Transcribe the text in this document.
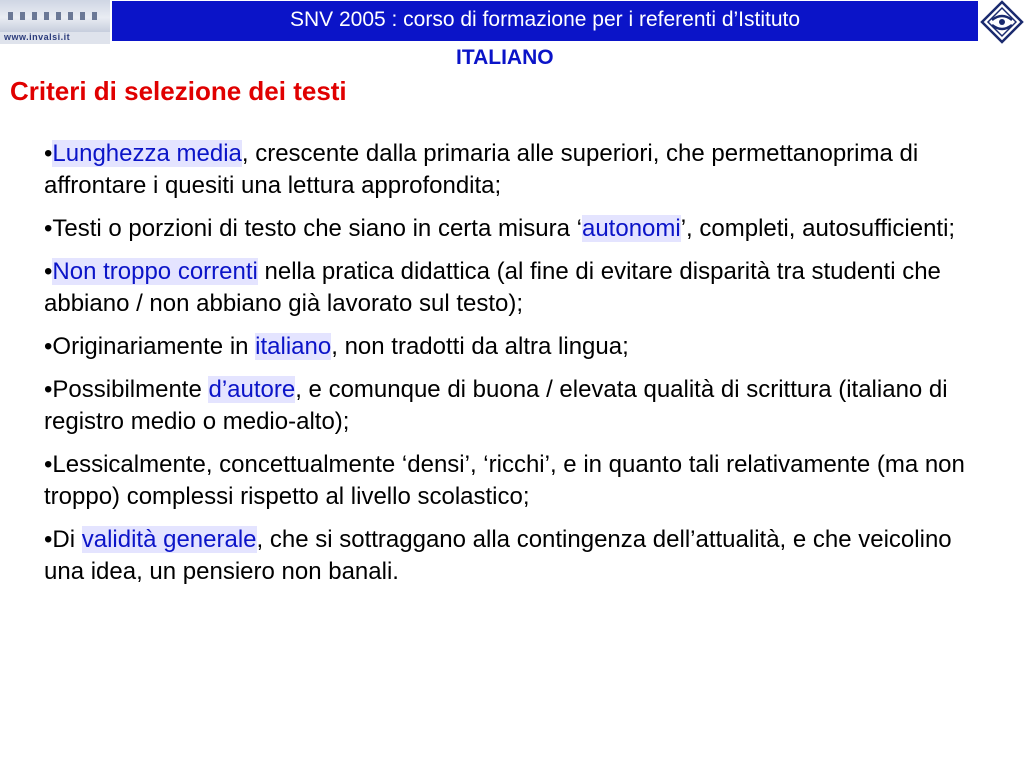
www.invalsi.it
SNV 2005 : corso di formazione per i referenti d’Istituto
ITALIANO
Criteri di selezione dei testi
•Lunghezza media, crescente dalla primaria alle superiori, che permettanoprima di affrontare i quesiti una lettura approfondita;
•Testi o porzioni di testo che siano in certa misura ‘autonomi’, completi, autosufficienti;
•Non troppo correnti nella pratica didattica (al fine di evitare disparità tra studenti che abbiano / non abbiano già lavorato sul testo);
•Originariamente in italiano, non tradotti da altra lingua;
•Possibilmente d’autore, e comunque di buona / elevata qualità di scrittura (italiano di registro medio o medio-alto);
•Lessicalmente, concettualmente ‘densi’, ‘ricchi’, e in quanto tali relativamente (ma non troppo) complessi rispetto al livello scolastico;
•Di validità generale, che si sottraggano alla contingenza dell’attualità, e che veicolino una idea, un pensiero non banali.
